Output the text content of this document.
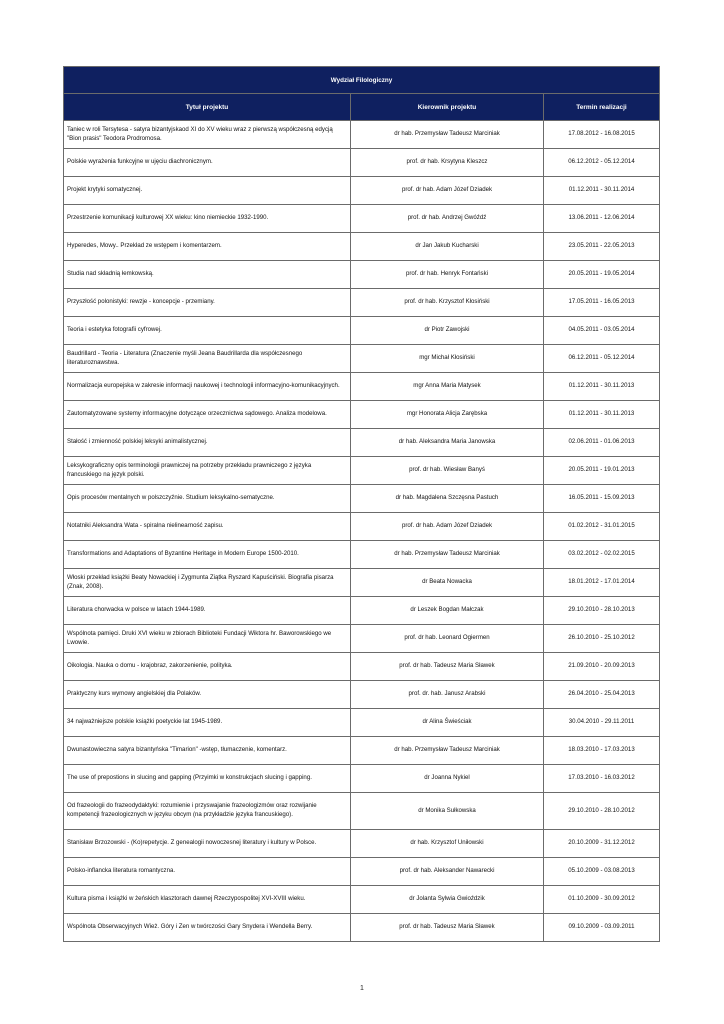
Wydział Filologiczny		
Tytuł projektu	Kierownik projektu	Termin realizacji
Taniec w roli Tersytesa - satyra bizantyjskaod XI do XV wieku wraz z pierwszą współczesną edycją "Bion prasis" Teodora Prodromosa.	dr hab. Przemysław Tadeusz Marciniak	17.08.2012 - 16.08.2015
Polskie wyrażenia funkcyjne w ujęciu diachronicznym.	prof. dr hab. Krsytyna Kleszcz	06.12.2012 - 05.12.2014
Projekt krytyki somatycznej.	prof. dr hab. Adam Józef Dziadek	01.12.2011 - 30.11.2014
Przestrzenie komunikacji kulturowej XX wieku: kino niemieckie 1932-1990.	prof. dr hab. Andrzej Gwóźdź	13.06.2011 - 12.06.2014
Hyperedes, Mowy.. Przekład ze wstępem i komentarzem.	dr Jan Jakub Kucharski	23.05.2011 - 22.05.2013
Studia nad składnią łemkowską.	prof. dr hab. Henryk Fontański	20.05.2011 - 19.05.2014
Przyszłość polonistyki: rewzje - koncepcje - przemiany.	prof. dr hab. Krzysztof Kłosiński	17.05.2011 - 16.05.2013
Teoria i estetyka fotografii cyfrowej.	dr Piotr Zawojski	04.05.2011 - 03.05.2014
Baudrillard - Teoria - Literatura (Znaczenie myśli Jeana Baudrillarda dla współczesnego literaturoznawstwa.	mgr Michał Kłosiński	06.12.2011 - 05.12.2014
Normalizacja europejska w zakresie informacji naukowej i technologii informacyjno-komunikacyjnych.	mgr Anna Maria Matysek	01.12.2011 - 30.11.2013
Zautomatyzowane systemy informacyjne dotyczące orzecznictwa sądowego. Analiza modelowa.	mgr Honorata Alicja Zarębska	01.12.2011 - 30.11.2013
Stałość i zmienność polskiej leksyki animalistycznej.	dr hab. Aleksandra Maria Janowska	02.06.2011 - 01.06.2013
Leksykograficzny opis terminologii prawniczej na potrzeby przekładu prawniczego z języka francuskiego na język polski.	prof. dr hab. Wiesław Banyś	20.05.2011 - 19.01.2013
Opis procesów mentalnych w polszczyźnie. Studium leksykalno-sematyczne.	dr hab. Magdalena Szczęsna Pastuch	16.05.2011 - 15.09.2013
Notatniki Aleksandra Wata - spiralna nielinearność zapisu.	prof. dr hab. Adam Józef Dziadek	01.02.2012 - 31.01.2015
Transformations and Adaptations of Byzantine Heritage in Modern Europe 1500-2010.	dr hab. Przemysław Tadeusz Marciniak	03.02.2012 - 02.02.2015
Włoski przekład książki Beaty Nowackiej i Zygmunta Ziątka Ryszard Kapuściński. Biografia pisarza (Znak, 2008).	dr Beata Nowacka	18.01.2012 - 17.01.2014
Literatura chorwacka w polsce w latach 1944-1989.	dr Leszek Bogdan Małczak	29.10.2010 - 28.10.2013
Wspólnota pamięci. Druki XVI wieku w zbiorach Biblioteki Fundacji Wiktora hr. Baworowskiego we Lwowie.	prof. dr hab. Leonard Ogiermen	26.10.2010 - 25.10.2012
Oikologia. Nauka o domu - krajobraz, zakorzenienie, polityka.	prof. dr hab. Tadeusz Maria Sławek	21.09.2010 - 20.09.2013
Praktyczny kurs wymowy angielskiej dla Polaków.	prof. dr. hab. Janusz Arabski	26.04.2010 - 25.04.2013
34 najważniejsze polskie książki poetyckie lat 1945-1989.	dr Alina Świeściak	30.04.2010 - 29.11.2011
Dwunastowieczna satyra bizantyńska "Timarion" -wstęp, tłumaczenie, komentarz.	dr hab. Przemysław Tadeusz Marciniak	18.03.2010 - 17.03.2013
The use of prepostions in slucing and gapping (Przyimki w konstrukcjach slucing i gapping.	dr Joanna Nykiel	17.03.2010 - 16.03.2012
Od frazeologii do frazeodydaktyki: rozumienie i przyswajanie frazeologizmów oraz rozwijanie kompetencji frazeologicznych w języku obcym (na przykładzie języka francuskiego).	dr Monika Sułkowska	29.10.2010 - 28.10.2012
Stanisław Brzozowski - (Ko)repetycje. Z genealogii nowoczesnej literatury i kultury w Polsce.	dr hab. Krzysztof Uniłowski	20.10.2009 - 31.12.2012
Polsko-inflancka literatura romantyczna.	prof. dr hab. Aleksander Nawarecki	05.10.2009 - 03.08.2013
Kultura pisma i książki w żeńskich klasztorach dawnej Rzeczypospolitej XVI-XVIII wieku.	dr Jolanta Sylwia Gwioździk	01.10.2009 - 30.09.2012
Wspólnota Obserwacyjnych Wież. Góry i Zen w twórczości Gary Snydera i Wendella Berry.	prof. dr hab. Tadeusz Maria Sławek	09.10.2009 - 03.09.2011
1
